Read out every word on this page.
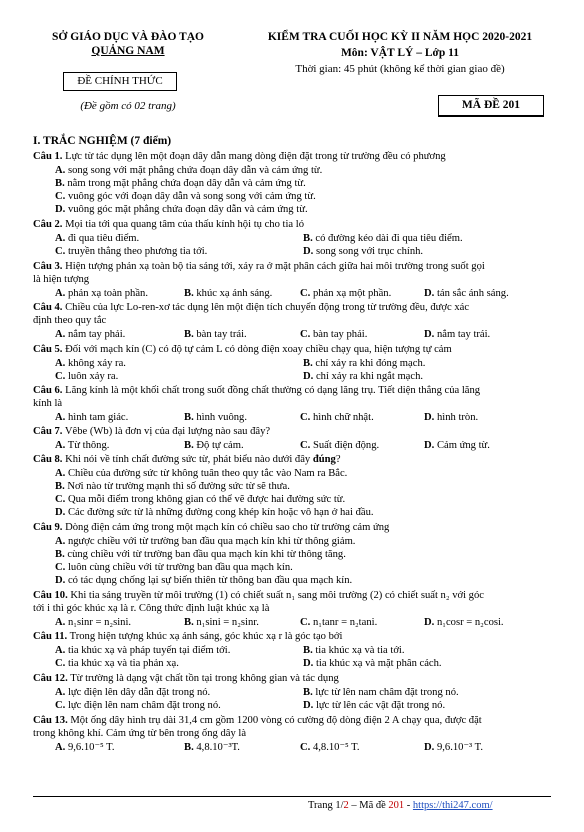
SỞ GIÁO DỤC VÀ ĐÀO TẠO
QUẢNG NAM
ĐỀ CHÍNH THỨC
(Đề gồm có 02 trang)
KIỂM TRA CUỐI HỌC KỲ II NĂM HỌC 2020-2021
Môn: VẬT LÝ – Lớp 11
Thời gian: 45 phút (không kể thời gian giao đề)
MÃ ĐỀ 201
I. TRẮC NGHIỆM (7 điểm)
Câu 1. Lực từ tác dụng lên một đoạn dây dẫn mang dòng điện đặt trong từ trường đều có phương
A. song song với mặt phẳng chứa đoạn dây dẫn và cảm ứng từ.
B. nằm trong mặt phẳng chứa đoạn dây dẫn và cảm ứng từ.
C. vuông góc với đoạn dây dẫn và song song với cảm ứng từ.
D. vuông góc mặt phẳng chứa đoạn dây dẫn và cảm ứng từ.
Câu 2. Mọi tia tới qua quang tâm của thấu kính hội tụ cho tia ló
A. đi qua tiêu điểm.	B. có đường kéo dài đi qua tiêu điểm.
C. truyền thẳng theo phương tia tới.	D. song song với trục chính.
Câu 3. Hiện tượng phản xạ toàn bộ tia sáng tới, xảy ra ở mặt phân cách giữa hai môi trường trong suốt gọi
là hiện tượng
A. phản xạ toàn phần.	B. khúc xạ ánh sáng.	C. phản xạ một phần.	D. tán sắc ánh sáng.
Câu 4. Chiều của lực Lo-ren-xơ tác dụng lên một điện tích chuyển động trong từ trường đều, được xác
định theo quy tắc
A. nắm tay phải.	B. bàn tay trái.	C. bàn tay phải.	D. nắm tay trái.
Câu 5. Đối với mạch kín (C) có độ tự cảm L có dòng điện xoay chiều chạy qua, hiện tượng tự cảm
A. không xảy ra.	B. chỉ xảy ra khi đóng mạch.
C. luôn xảy ra.	D. chỉ xảy ra khi ngắt mạch.
Câu 6. Lăng kính là một khối chất trong suốt đồng chất thường có dạng lăng trụ. Tiết diện thẳng của lăng
kính là
A. hình tam giác.	B. hình vuông.	C. hình chữ nhật.	D. hình tròn.
Câu 7. Vêbe (Wb) là đơn vị của đại lượng nào sau đây?
A. Từ thông.	B. Độ tự cảm.	C. Suất điện động.	D. Cảm ứng từ.
Câu 8. Khi nói về tính chất đường sức từ, phát biểu nào dưới đây đúng?
A. Chiều của đường sức từ không tuân theo quy tắc vào Nam ra Bắc.
B. Nơi nào từ trường mạnh thì số đường sức từ sẽ thưa.
C. Qua mỗi điểm trong không gian có thể vẽ được hai đường sức từ.
D. Các đường sức từ là những đường cong khép kín hoặc vô hạn ở hai đầu.
Câu 9. Dòng điện cảm ứng trong một mạch kín có chiều sao cho từ trường cảm ứng
A. ngược chiều với từ trường ban đầu qua mạch kín khi từ thông giảm.
B. cùng chiều với từ trường ban đầu qua mạch kín khi từ thông tăng.
C. luôn cùng chiều với từ trường ban đầu qua mạch kín.
D. có tác dụng chống lại sự biến thiên từ thông ban đầu qua mạch kín.
Câu 10. Khi tia sáng truyền từ môi trường (1) có chiết suất n₁ sang môi trường (2) có chiết suất n₂ với góc
tới i thì góc khúc xạ là r. Công thức định luật khúc xạ là
A. n₁sinr = n₂sini.	B. n₁sini = n₂sinr.	C. n₁tanr = n₂tani.	D. n₁cosr = n₂cosi.
Câu 11. Trong hiện tượng khúc xạ ánh sáng, góc khúc xạ r là góc tạo bởi
A. tia khúc xạ và pháp tuyến tại điểm tới.	B. tia khúc xạ và tia tới.
C. tia khúc xạ và tia phản xạ.	D. tia khúc xạ và mặt phân cách.
Câu 12. Từ trường là dạng vật chất tồn tại trong không gian và tác dụng
A. lực điện lên dây dẫn đặt trong nó.	B. lực từ lên nam châm đặt trong nó.
C. lực điện lên nam châm đặt trong nó.	D. lực từ lên các vật đặt trong nó.
Câu 13. Một ống dây hình trụ dài 31,4 cm gồm 1200 vòng có cường độ dòng điện 2 A chạy qua, được đặt
trong không khí. Cảm ứng từ bên trong ống dây là
A. 9,6.10⁻⁵ T.	B. 4,8.10⁻³T.	C. 4,8.10⁻⁵ T.	D. 9,6.10⁻³ T.
Trang 1/2 – Mã đề 201 - https://thi247.com/
